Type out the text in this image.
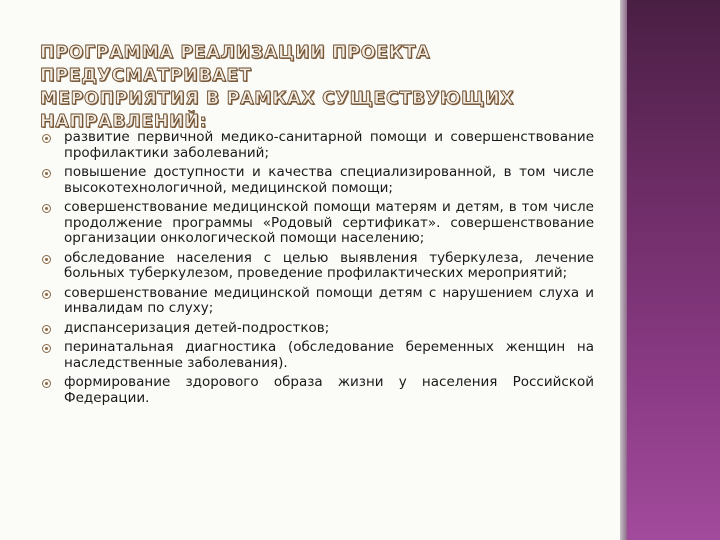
ПРОГРАММА РЕАЛИЗАЦИИ ПРОЕКТА ПРЕДУСМАТРИВАЕТ
МЕРОПРИЯТИЯ В РАМКАХ СУЩЕСТВУЮЩИХ
НАПРАВЛЕНИЙ:
развитие первичной медико-санитарной помощи и совершенствование профилактики заболеваний;
повышение доступности и качества специализированной, в том числе высокотехнологичной, медицинской помощи;
совершенствование медицинской помощи матерям и детям, в том числе продолжение программы «Родовый сертификат». совершенствование организации онкологической помощи населению;
обследование населения с целью выявления туберкулеза, лечение больных туберкулезом, проведение профилактических мероприятий;
совершенствование медицинской помощи детям с нарушением слуха и инвалидам по слуху;
диспансеризация детей-подростков;
перинатальная диагностика (обследование беременных женщин на наследственные заболевания).
формирование здорового образа жизни у населения Российской Федерации.
